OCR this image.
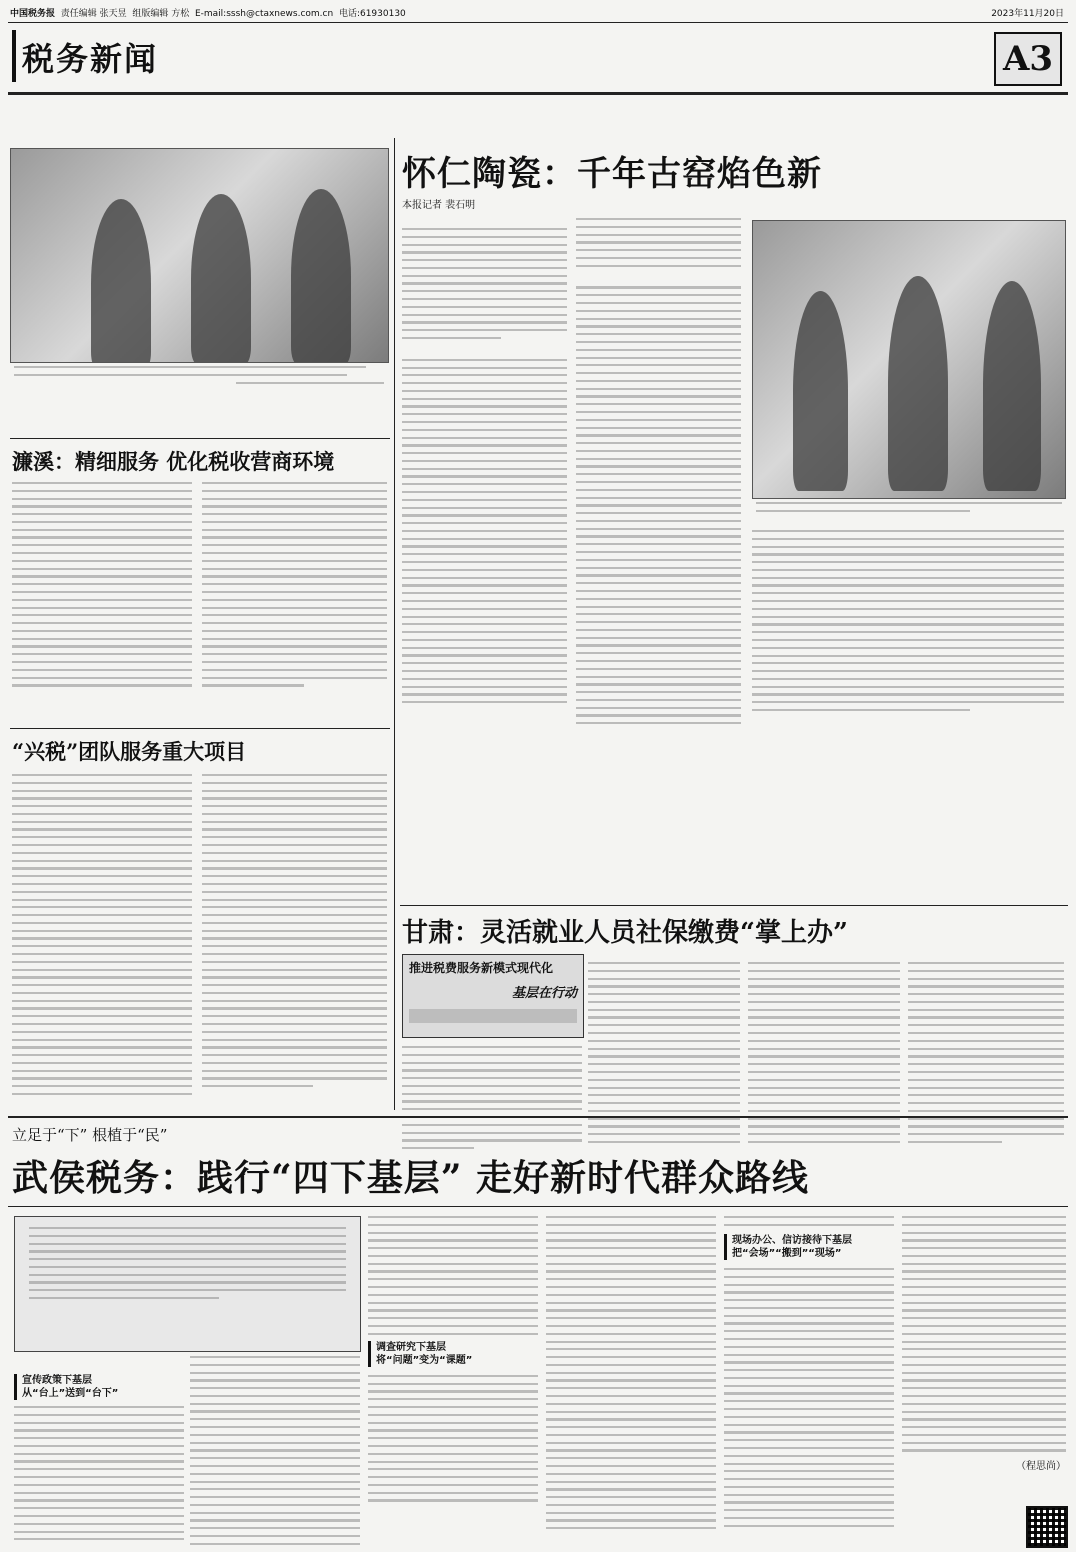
中国税务报 责任编辑 张天昱 组版编辑 方松 E-mail:sssh@ctaxnews.com.cn 电话:61930130	2023年11月20日
税务新闻	A3
怀仁陶瓷：千年古窑焰色新
本报记者 裴石明
濂溪：精细服务 优化税收营商环境
“兴税”团队服务重大项目
甘肃：灵活就业人员社保缴费“掌上办”
推进税费服务新模式现代化
基层在行动
立足于“下” 根植于“民”
武侯税务：践行“四下基层” 走好新时代群众路线
宣传政策下基层
从“台上”送到“台下”
调查研究下基层
将“问题”变为“课题”
现场办公、信访接待下基层
把“会场”“搬到”“现场”
（程思尚）
